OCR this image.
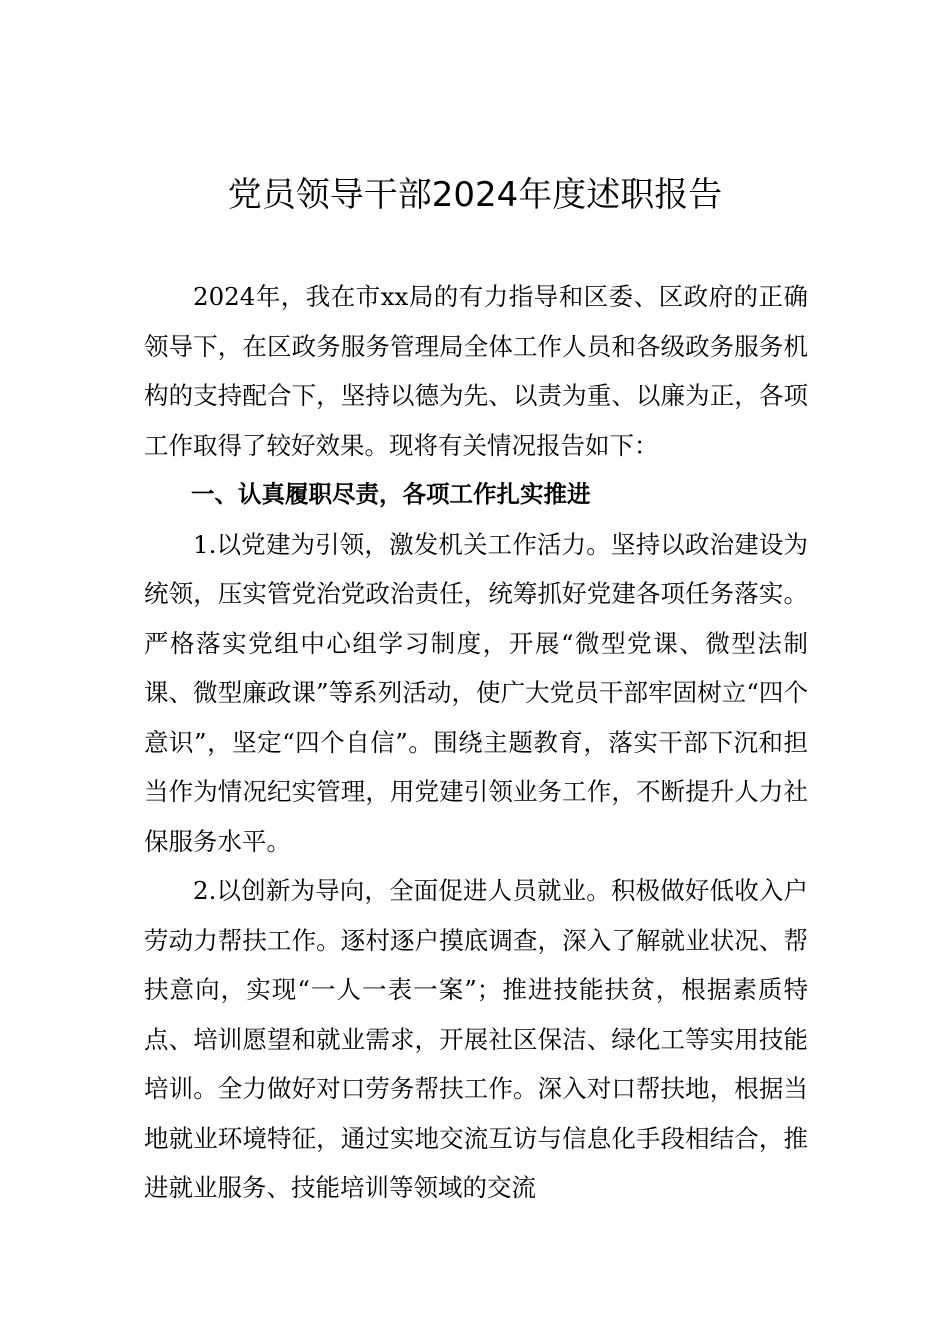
党员领导干部2024年度述职报告

2024年，我在市xx局的有力指导和区委、区政府的正确领导下，在区政务服务管理局全体工作人员和各级政务服务机构的支持配合下，坚持以德为先、以责为重、以廉为正，各项工作取得了较好效果。现将有关情况报告如下：

一、认真履职尽责，各项工作扎实推进

1.以党建为引领，激发机关工作活力。坚持以政治建设为统领，压实管党治党政治责任，统筹抓好党建各项任务落实。严格落实党组中心组学习制度，开展“微型党课、微型法制课、微型廉政课”等系列活动，使广大党员干部牢固树立“四个意识”，坚定“四个自信”。围绕主题教育，落实干部下沉和担当作为情况纪实管理，用党建引领业务工作，不断提升人力社保服务水平。

2.以创新为导向，全面促进人员就业。积极做好低收入户劳动力帮扶工作。逐村逐户摸底调查，深入了解就业状况、帮扶意向，实现“一人一表一案”；推进技能扶贫，根据素质特点、培训愿望和就业需求，开展社区保洁、绿化工等实用技能培训。全力做好对口劳务帮扶工作。深入对口帮扶地，根据当地就业环境特征，通过实地交流互访与信息化手段相结合，推进就业服务、技能培训等领域的交流
